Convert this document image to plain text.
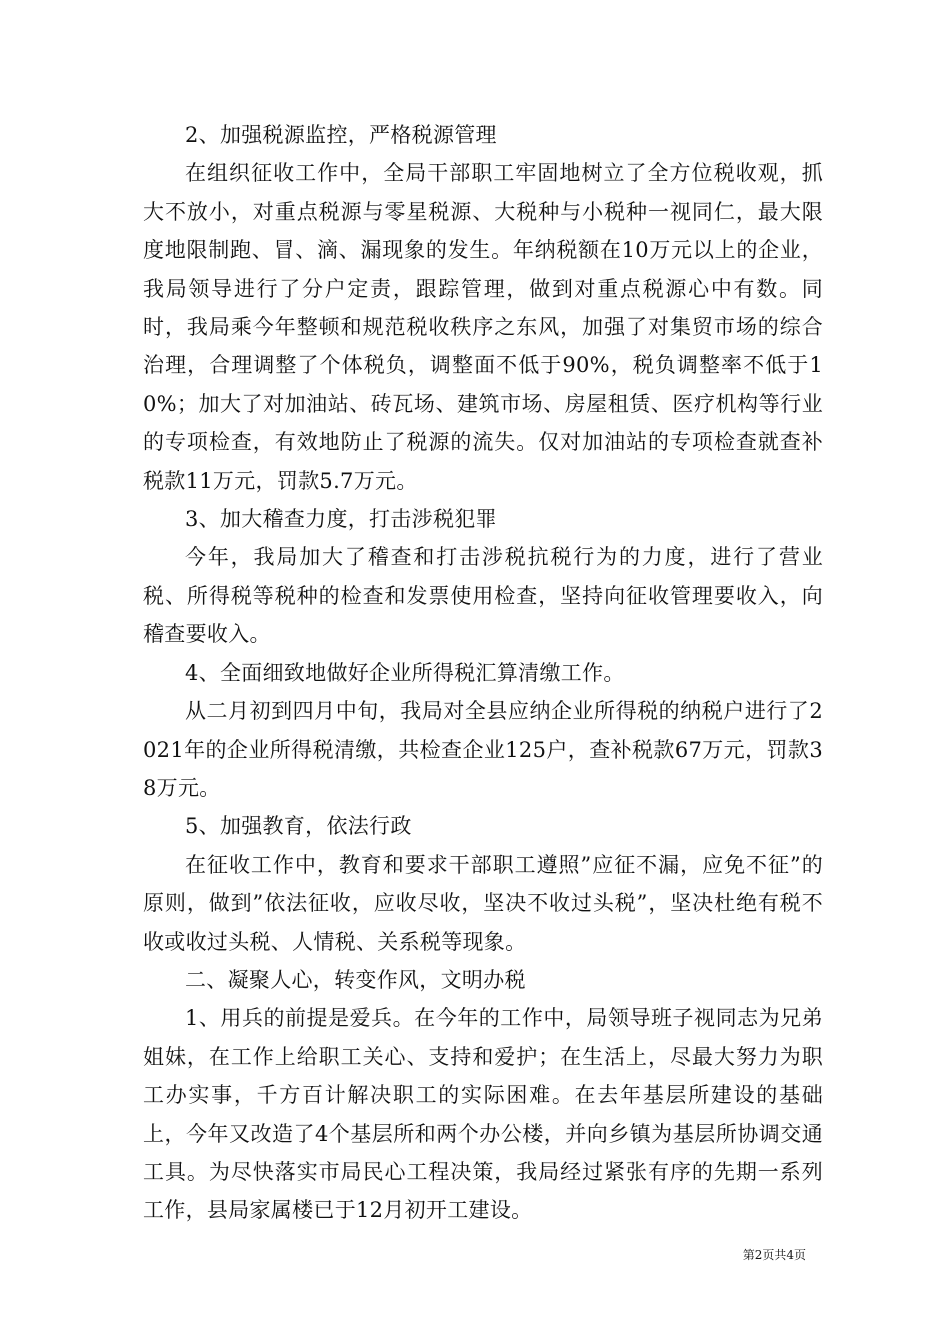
2、加强税源监控，严格税源管理

在组织征收工作中，全局干部职工牢固地树立了全方位税收观，抓大不放小，对重点税源与零星税源、大税种与小税种一视同仁，最大限度地限制跑、冒、滴、漏现象的发生。年纳税额在10万元以上的企业，我局领导进行了分户定责，跟踪管理，做到对重点税源心中有数。同时，我局乘今年整顿和规范税收秩序之东风，加强了对集贸市场的综合治理，合理调整了个体税负，调整面不低于90%，税负调整率不低于10%；加大了对加油站、砖瓦场、建筑市场、房屋租赁、医疗机构等行业的专项检查，有效地防止了税源的流失。仅对加油站的专项检查就查补税款11万元，罚款5.7万元。

3、加大稽查力度，打击涉税犯罪

今年，我局加大了稽查和打击涉税抗税行为的力度，进行了营业税、所得税等税种的检查和发票使用检查，坚持向征收管理要收入，向稽查要收入。

4、全面细致地做好企业所得税汇算清缴工作。

从二月初到四月中旬，我局对全县应纳企业所得税的纳税户进行了2021年的企业所得税清缴，共检查企业125户，查补税款67万元，罚款38万元。

5、加强教育，依法行政

在征收工作中，教育和要求干部职工遵照”应征不漏，应免不征”的原则，做到”依法征收，应收尽收，坚决不收过头税”，坚决杜绝有税不收或收过头税、人情税、关系税等现象。

二、凝聚人心，转变作风，文明办税

1、用兵的前提是爱兵。在今年的工作中，局领导班子视同志为兄弟姐妹，在工作上给职工关心、支持和爱护；在生活上，尽最大努力为职工办实事，千方百计解决职工的实际困难。在去年基层所建设的基础上，今年又改造了4个基层所和两个办公楼，并向乡镇为基层所协调交通工具。为尽快落实市局民心工程决策，我局经过紧张有序的先期一系列工作，县局家属楼已于12月初开工建设。

第2页共4页
